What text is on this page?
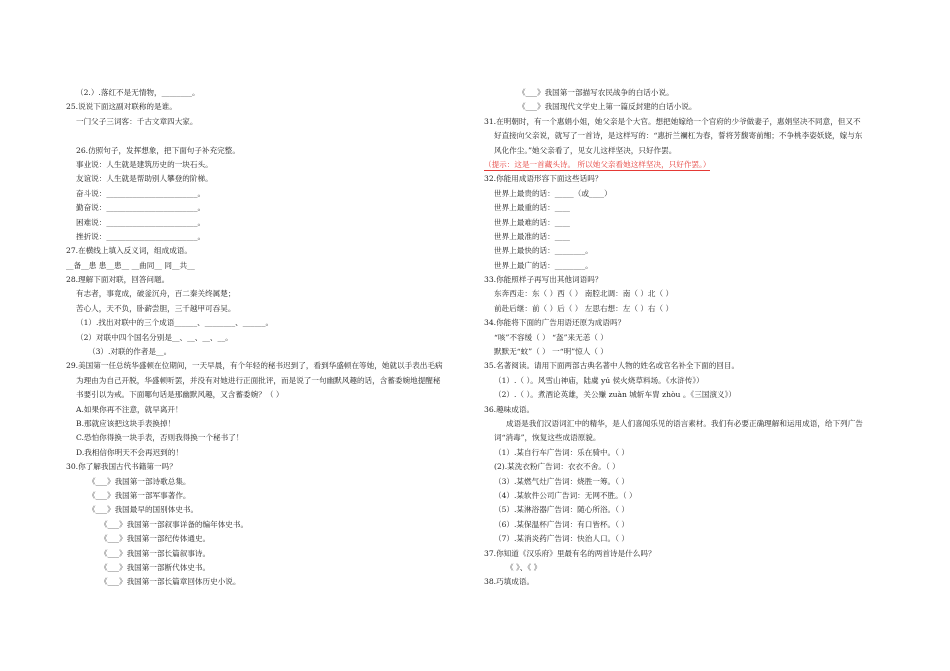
（2.）.落红不是无情物，________。
25.说说下面这副对联称的是谁。
一门父子三词客：千古文章四大家。
26.仿照句子，发挥想象，把下面句子补充完整。
事业说：人生就是建筑历史的一块石头。
友谊说：人生就是帮助别人攀登的阶梯。
奋斗说：________________________。
勤奋说：________________________。
困难说：________________________。
挫折说：________________________。
27.在横线上填入反义词，组成成语。
__备__患 患__患__ __曲同__ 同__共__
28.理解下面对联，回答问题。
有志者，事竟成，破釜沉舟，百二秦关终属楚；
苦心人，天不负，卧薪尝胆，三千越甲可吞吴。
（1）.找出对联中的三个成语______、________、______。
（2）对联中四个国名分别是__、__、__、__。
（3）.对联的作者是__。
29.美国第一任总统华盛顿在位期间，一天早晨，有个年轻的秘书迟到了，看到华盛顿在等她，她就以手表出毛病
为理由为自己开脱，华盛顿听罢，并没有对她进行正面批评，而是说了一句幽默风趣的话，含蓄委婉地提醒秘
书要引以为戒。下面哪句话是那幽默风趣，又含蓄委婉？（ ）
A.如果你再不注意，就早离开！
B.那就应该把这块手表换掉！
C.恐怕你得换一块手表，否则我得换一个秘书了！
D.我相信你明天不会再迟到的！
30.你了解我国古代书籍第一吗？
《___》我国第一部诗歌总集。
《___》我国第一部军事著作。
《___》我国最早的国别体史书。
《___》我国第一部叙事详备的编年体史书。
《___》我国第一部纪传体通史。
《___》我国第一部长篇叙事诗。
《___》我国第一部断代体史书。
《___》我国第一部长篇章回体历史小说。
《___》我国第一部描写农民战争的白话小说。
《___》我国现代文学史上第一篇反封建的白话小说。
31.在明朝时，有一个惠娟小姐，她父亲是个大官。想把她嫁给一个官府的少爷做妻子，惠娟坚决不同意，但又不
好直接向父亲说，就写了一首诗，是这样写的：“惠折兰襕杠为春，誓将芳馥寄前缃；不争桃李姿妖娆，嫁与东
风化作尘。”她父亲看了，见女儿这样坚决，只好作罢。
（提示：这是一首藏头诗。 所以她父亲看她这样坚决，只好作罢。）
32.你能用成语形容下面这些话吗？
世界上最贵的话：_____（或____）
世界上最重的话：____
世界上最难的话：____
世界上最准的话：____
世界上最快的话：________。
世界上最广的话：________。
33.你能照样子再写出其他词语吗？
东奔西走：东（ ）西（ ） 南腔北调：南（ ）北（ ）
前赴后继：前（ ）后（ ） 左思右想：左（ ）右（ ）
34.你能将下面的广告用语还原为成语吗？
“咳”不容缓（ ） “盔”来无恙（ ）
默默无“蚊”（ ） 一“明”惊人（ ）
35.名著阅读。请用下面两部古典名著中人物的姓名或官名补全下面的回目。
（1）.（ ）。风雪山神庙，陆虞 yú 侯火烧草料场。《水浒传》）
（2）.（ ）。煮酒论英雄，关公赚 zuàn 城斩车胄 zhòu 。《三国演义》）
36.趣味成语。
成语是我们汉语词汇中的精华，是人们喜闻乐见的语言素材。我们有必要正确理解和运用成语，给下列广告
词“消毒”，恢复这些成语原貌。
（1）.某自行车广告词：乐在骑中。（ ）
(2).某洗衣粉广告词：衣衣不舍。（ ）
（3）.某燃气灶广告词：烧胜一筹。（ ）
（4）.某软件公司广告词：无网不胜。（ ）
（5）.某淋浴器广告词：随心所浴。（ ）
（6）.某保温杯广告词：有口皆杯。（ ）
（7）.某消炎药广告词：快治人口。（ ）
37.你知道《汉乐府》里最有名的两首诗是什么吗？
《 》、《 》
38.巧填成语。
